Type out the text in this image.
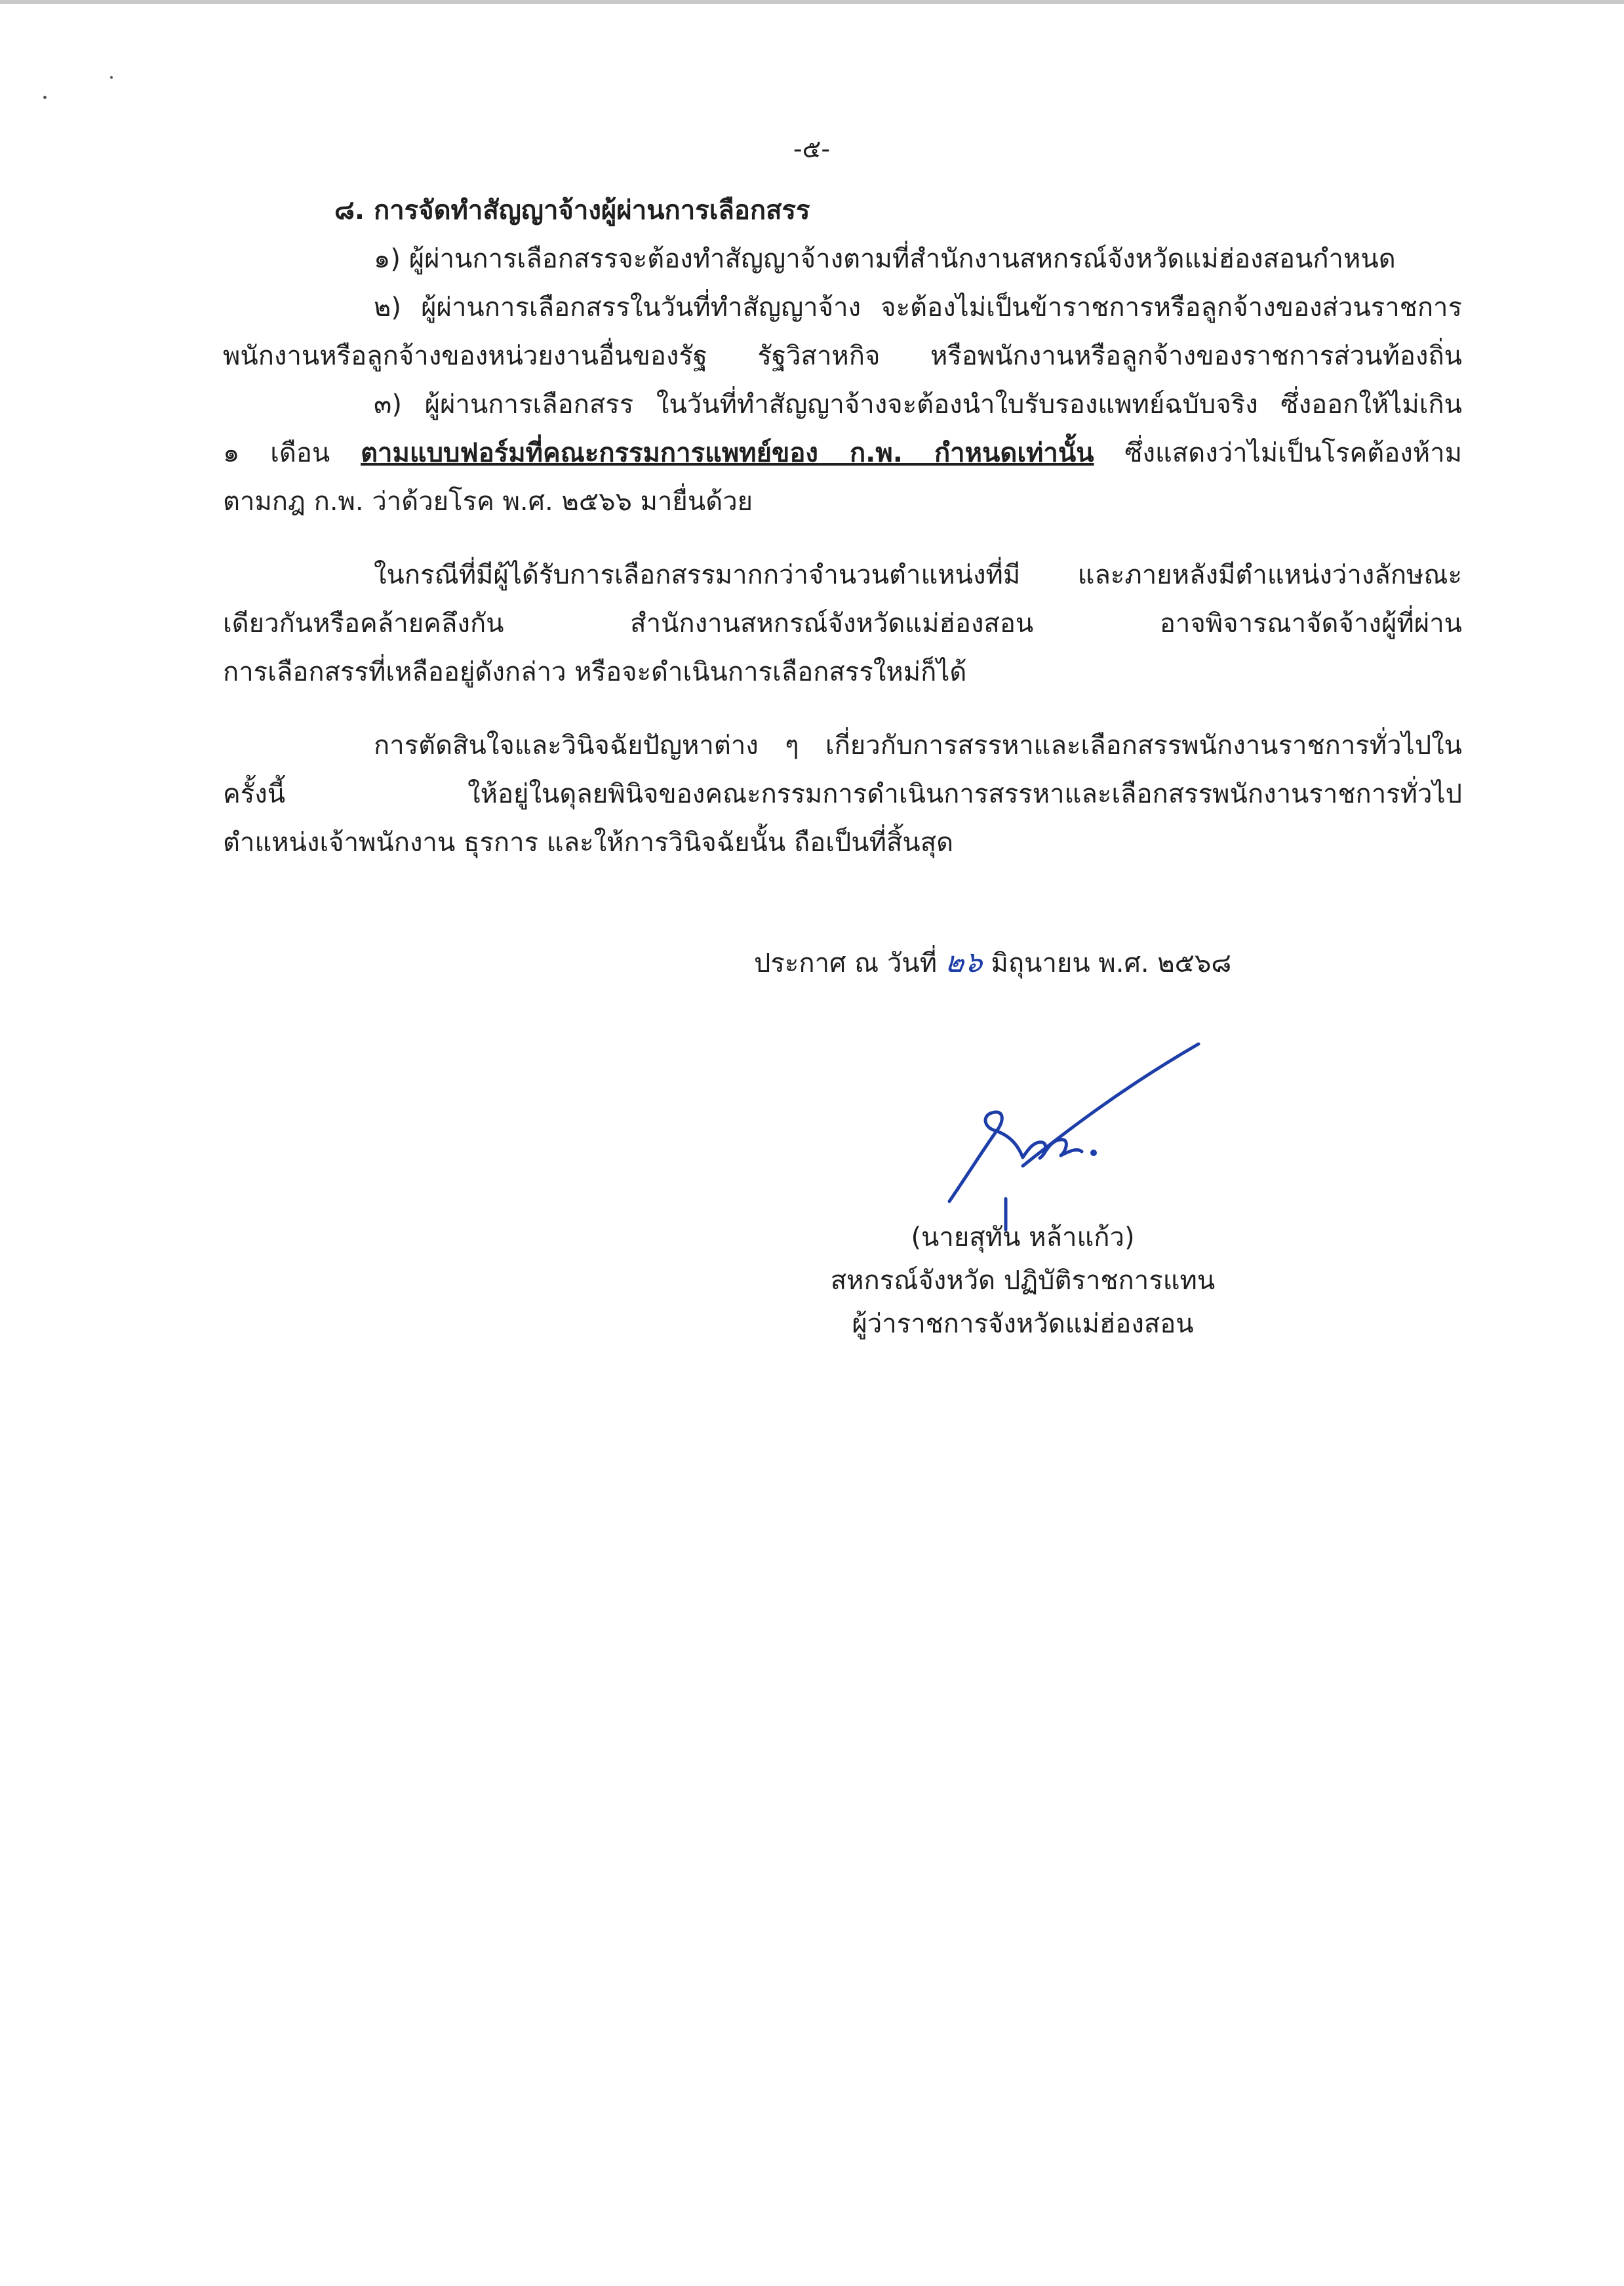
-๕-
๘. การจัดทำสัญญาจ้างผู้ผ่านการเลือกสรร
๑) ผู้ผ่านการเลือกสรรจะต้องทำสัญญาจ้างตามที่สำนักงานสหกรณ์จังหวัดแม่ฮ่องสอนกำหนด
๒) ผู้ผ่านการเลือกสรรในวันที่ทำสัญญาจ้าง จะต้องไม่เป็นข้าราชการหรือลูกจ้างของส่วนราชการ
พนักงานหรือลูกจ้างของหน่วยงานอื่นของรัฐ รัฐวิสาหกิจ หรือพนักงานหรือลูกจ้างของราชการส่วนท้องถิ่น
๓) ผู้ผ่านการเลือกสรร ในวันที่ทำสัญญาจ้างจะต้องนำใบรับรองแพทย์ฉบับจริง ซึ่งออกให้ไม่เกิน
๑ เดือน ตามแบบฟอร์มที่คณะกรรมการแพทย์ของ ก.พ. กำหนดเท่านั้น ซึ่งแสดงว่าไม่เป็นโรคต้องห้าม
ตามกฎ ก.พ. ว่าด้วยโรค พ.ศ. ๒๕๖๖ มายื่นด้วย
ในกรณีที่มีผู้ได้รับการเลือกสรรมากกว่าจำนวนตำแหน่งที่มี และภายหลังมีตำแหน่งว่างลักษณะ
เดียวกันหรือคล้ายคลึงกัน สำนักงานสหกรณ์จังหวัดแม่ฮ่องสอน อาจพิจารณาจัดจ้างผู้ที่ผ่าน
การเลือกสรรที่เหลืออยู่ดังกล่าว หรือจะดำเนินการเลือกสรรใหม่ก็ได้
การตัดสินใจและวินิจฉัยปัญหาต่าง ๆ เกี่ยวกับการสรรหาและเลือกสรรพนักงานราชการทั่วไปใน
ครั้งนี้ ให้อยู่ในดุลยพินิจของคณะกรรมการดำเนินการสรรหาและเลือกสรรพนักงานราชการทั่วไป
ตำแหน่งเจ้าพนักงาน ธุรการ และให้การวินิจฉัยนั้น ถือเป็นที่สิ้นสุด
ประกาศ ณ วันที่ ๒๖ มิถุนายน พ.ศ. ๒๕๖๘
(นายสุทัน หล้าแก้ว)
สหกรณ์จังหวัด ปฏิบัติราชการแทน
ผู้ว่าราชการจังหวัดแม่ฮ่องสอน
